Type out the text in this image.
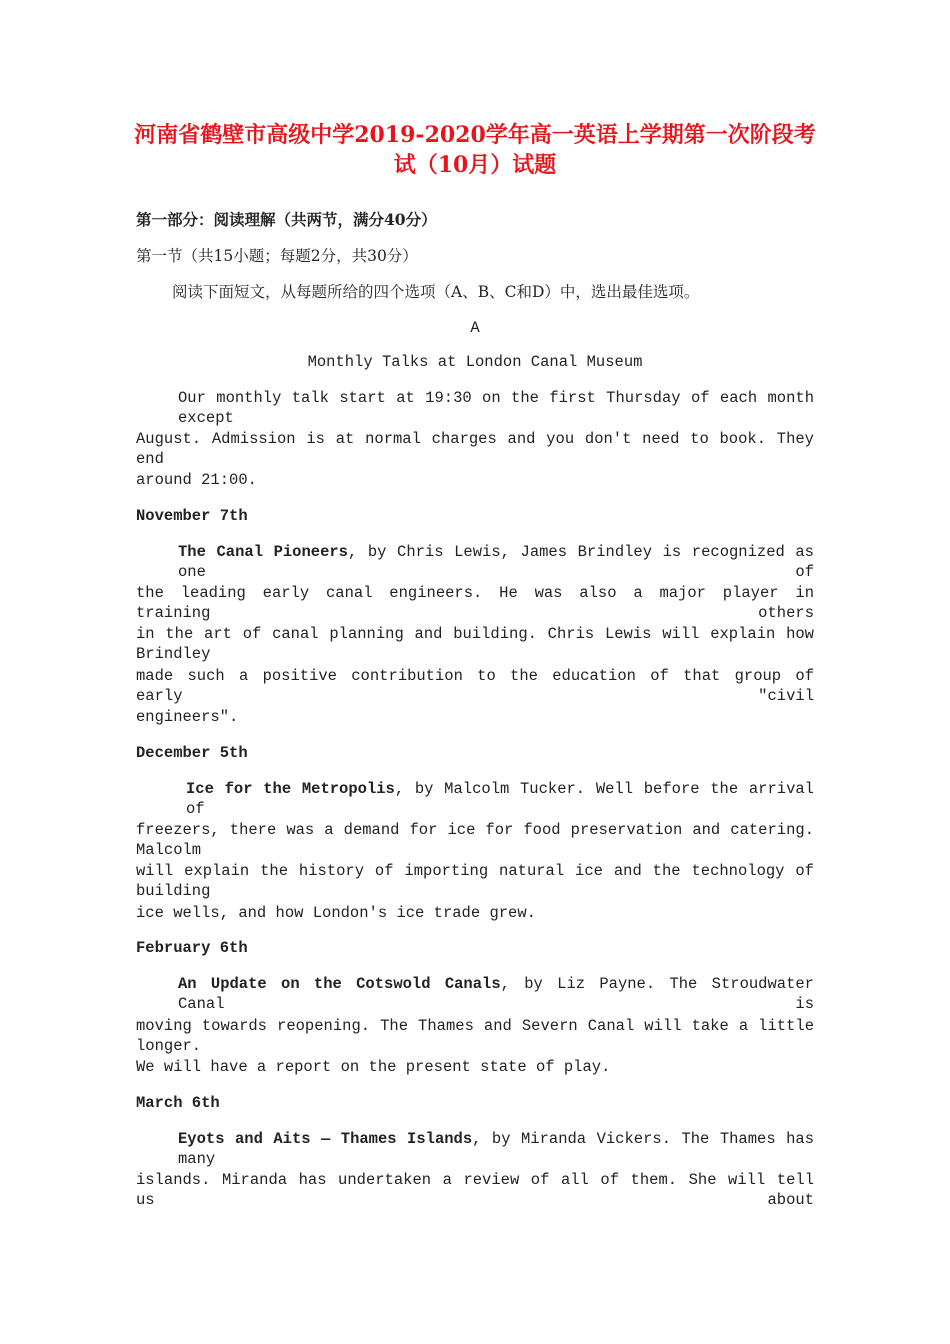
河南省鹤壁市高级中学2019-2020学年高一英语上学期第一次阶段考
试（10月）试题
第一部分：阅读理解（共两节，满分40分）
第一节（共15小题；每题2分，共30分）
阅读下面短文，从每题所给的四个选项（A、B、C和D）中，选出最佳选项。
A
Monthly Talks at London Canal Museum
Our monthly talk start at 19:30 on the first Thursday of each month except
August. Admission is at normal charges and you don't need to book. They end
around 21:00.
November 7th
The Canal Pioneers, by Chris Lewis, James Brindley is recognized as one of
the leading early canal engineers. He was also a major player in training others
in the art of canal planning and building. Chris Lewis will explain how Brindley
made such a positive contribution to the education of that group of early "civil
engineers".
December 5th
Ice for the Metropolis, by Malcolm Tucker. Well before the arrival of
freezers, there was a demand for ice for food preservation and catering. Malcolm
will explain the history of importing natural ice and the technology of building
ice wells, and how London's ice trade grew.
February 6th
An Update on the Cotswold Canals, by Liz Payne. The Stroudwater Canal is
moving towards reopening. The Thames and Severn Canal will take a little longer.
We will have a report on the present state of play.
March 6th
Eyots and Aits — Thames Islands, by Miranda Vickers. The Thames has many
islands. Miranda has undertaken a review of all of them. She will tell us about
